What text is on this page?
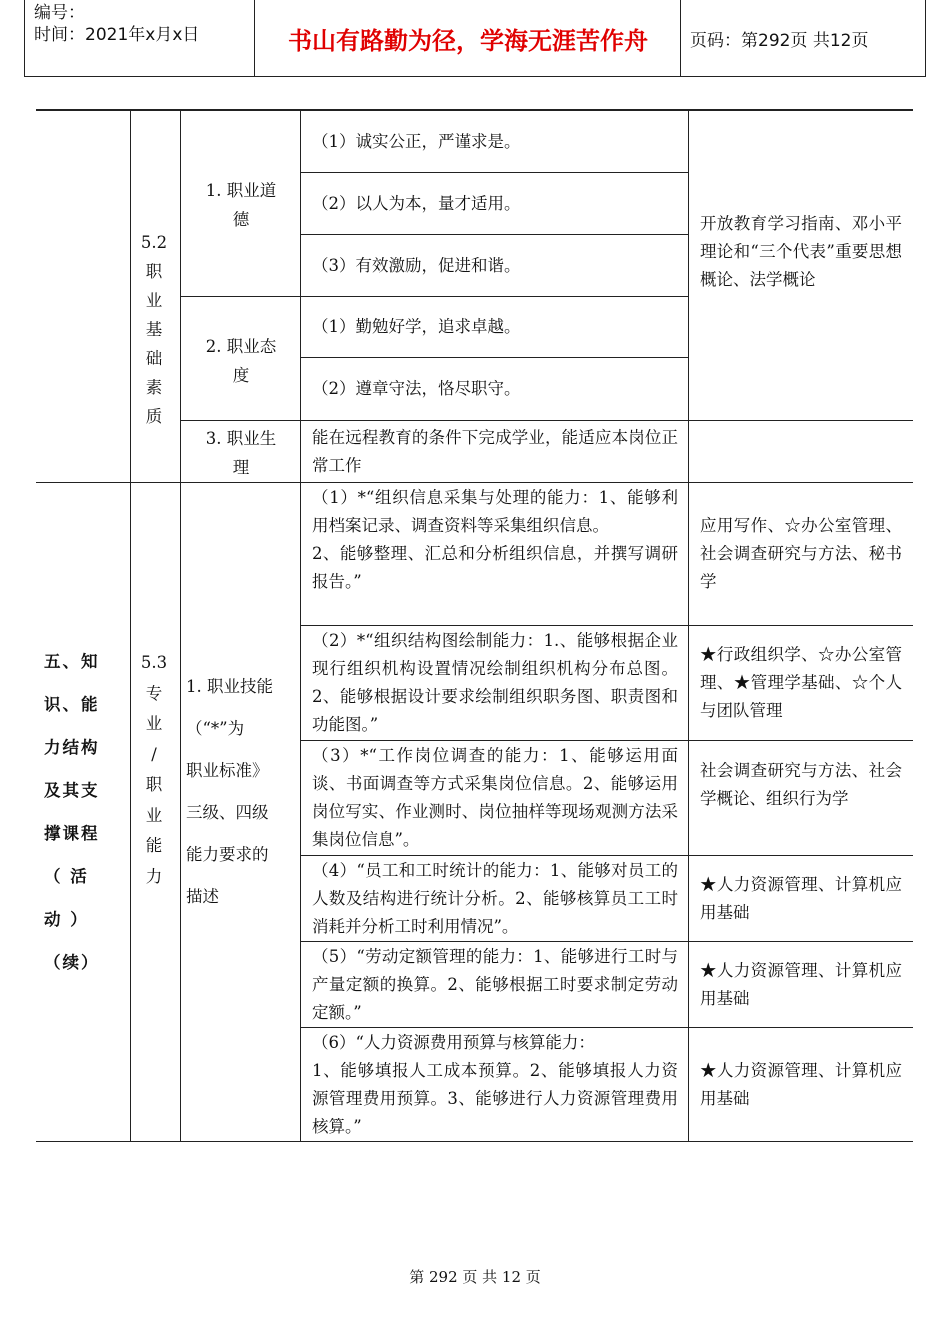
编号：
时间：2021年x月x日	书山有路勤为径，学海无涯苦作舟	页码：第292页 共12页
五、知
识、能
力结构
及其支
撑课程
（ 活
动 ）
（续）
5.2
职
业
基
础
素
质
1. 职业道
德
2. 职业态
度
3. 职业生
理
（1）诚实公正，严谨求是。
（2）以人为本，量才适用。
（3）有效激励，促进和谐。
（1）勤勉好学，追求卓越。
（2）遵章守法，恪尽职守。
能在远程教育的条件下完成学业，能适应本岗位正常工作
开放教育学习指南、邓小平理论和“三个代表”重要思想概论、法学概论
5.3
专
业
/
职
业
能
力
1. 职业技能
（“*”为
职业标准》
三级、四级
能力要求的
描述
（1）*“组织信息采集与处理的能力：1、能够利用档案记录、调查资料等采集组织信息。
2、能够整理、汇总和分析组织信息，并撰写调研报告。”
应用写作、☆办公室管理、社会调查研究与方法、秘书学
（2）*“组织结构图绘制能力：1.、能够根据企业现行组织机构设置情况绘制组织机构分布总图。2、能够根据设计要求绘制组织职务图、职责图和功能图。”
★行政组织学、☆办公室管理、★管理学基础、☆个人与团队管理
（3）*“工作岗位调查的能力：1、能够运用面谈、书面调查等方式采集岗位信息。2、能够运用岗位写实、作业测时、岗位抽样等现场观测方法采集岗位信息”。
社会调查研究与方法、社会学概论、组织行为学
（4）“员工和工时统计的能力：1、能够对员工的人数及结构进行统计分析。2、能够核算员工工时消耗并分析工时利用情况”。
★人力资源管理、计算机应用基础
（5）“劳动定额管理的能力：1、能够进行工时与产量定额的换算。2、能够根据工时要求制定劳动定额。”
★人力资源管理、计算机应用基础
（6）“人力资源费用预算与核算能力：
1、能够填报人工成本预算。2、能够填报人力资源管理费用预算。3、能够进行人力资源管理费用核算。”
★人力资源管理、计算机应用基础
第 292 页 共 12 页
